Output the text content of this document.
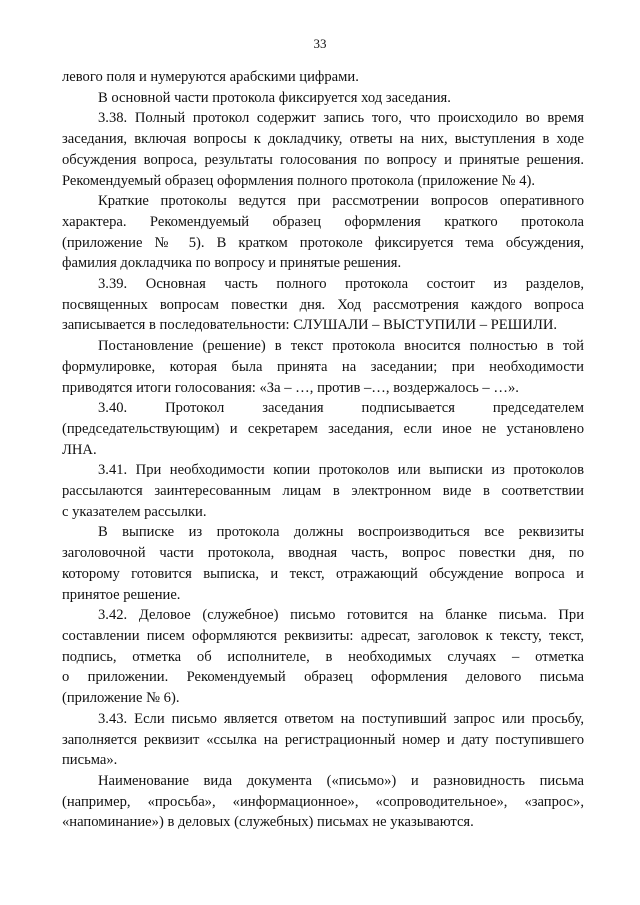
33
левого поля и нумеруются арабскими цифрами.
В основной части протокола фиксируется ход заседания.
3.38. Полный протокол содержит запись того, что происходило во время
заседания, включая вопросы к докладчику, ответы на них, выступления в ходе
обсуждения вопроса, результаты голосования по вопросу и принятые решения.
Рекомендуемый образец оформления полного протокола (приложение № 4).
Краткие протоколы ведутся при рассмотрении вопросов оперативного
характера. Рекомендуемый образец оформления краткого протокола
(приложение № 5). В кратком протоколе фиксируется тема обсуждения,
фамилия докладчика по вопросу и принятые решения.
3.39. Основная часть полного протокола состоит из разделов,
посвященных вопросам повестки дня. Ход рассмотрения каждого вопроса
записывается в последовательности: СЛУШАЛИ – ВЫСТУПИЛИ – РЕШИЛИ.
Постановление (решение) в текст протокола вносится полностью в той
формулировке, которая была принята на заседании; при необходимости
приводятся итоги голосования: «За – …, против –…, воздержалось – …».
3.40. Протокол заседания подписывается председателем
(председательствующим) и секретарем заседания, если иное не установлено
ЛНА.
3.41. При необходимости копии протоколов или выписки из протоколов
рассылаются заинтересованным лицам в электронном виде в соответствии
с указателем рассылки.
В выписке из протокола должны воспроизводиться все реквизиты
заголовочной части протокола, вводная часть, вопрос повестки дня, по
которому готовится выписка, и текст, отражающий обсуждение вопроса и
принятое решение.
3.42. Деловое (служебное) письмо готовится на бланке письма. При
составлении писем оформляются реквизиты: адресат, заголовок к тексту, текст,
подпись, отметка об исполнителе, в необходимых случаях – отметка
о приложении. Рекомендуемый образец оформления делового письма
(приложение № 6).
3.43. Если письмо является ответом на поступивший запрос или просьбу,
заполняется реквизит «ссылка на регистрационный номер и дату поступившего
письма».
Наименование вида документа («письмо») и разновидность письма
(например, «просьба», «информационное», «сопроводительное», «запрос»,
«напоминание») в деловых (служебных) письмах не указываются.
